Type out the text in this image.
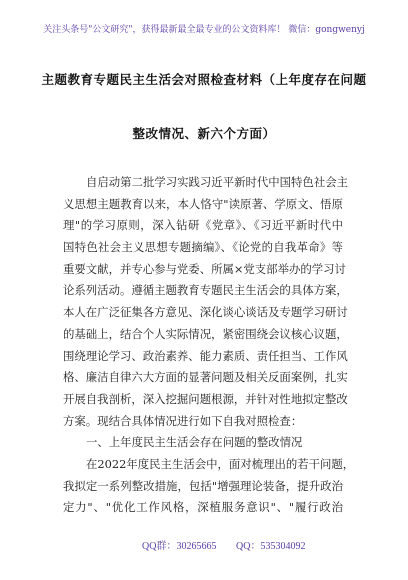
关注头条号"公文研究"，获得最新最全最专业的公文资料库！ 微信：gongwenyj
主题教育专题民主生活会对照检查材料（上年度存在问题
整改情况、新六个方面）
自启动第二批学习实践习近平新时代中国特色社会主
义思想主题教育以来，本人恪守"读原著、学原文、悟原
理"的学习原则，深入钻研《党章》、《习近平新时代中
国特色社会主义思想专题摘编》、《论党的自我革命》等
重要文献，并专心参与党委、所属×党支部举办的学习讨
论系列活动。遵循主题教育专题民主生活会的具体方案，
本人在广泛征集各方意见、深化谈心谈话及专题学习研讨
的基础上，结合个人实际情况，紧密围绕会议核心议题，
围绕理论学习、政治素养、能力素质、责任担当、工作风
格、廉洁自律六大方面的显著问题及相关反面案例，扎实
开展自我剖析，深入挖掘问题根源，并针对性地拟定整改
方案。现结合具体情况进行如下自我对照检查：
一、上年度民主生活会存在问题的整改情况
在2022年度民主生活会中，面对梳理出的若干问题，
我拟定一系列整改措施，包括"增强理论装备，提升政治
定力"、"优化工作风格，深植服务意识"、"履行政治
QQ群：30265665 QQ：535304092
